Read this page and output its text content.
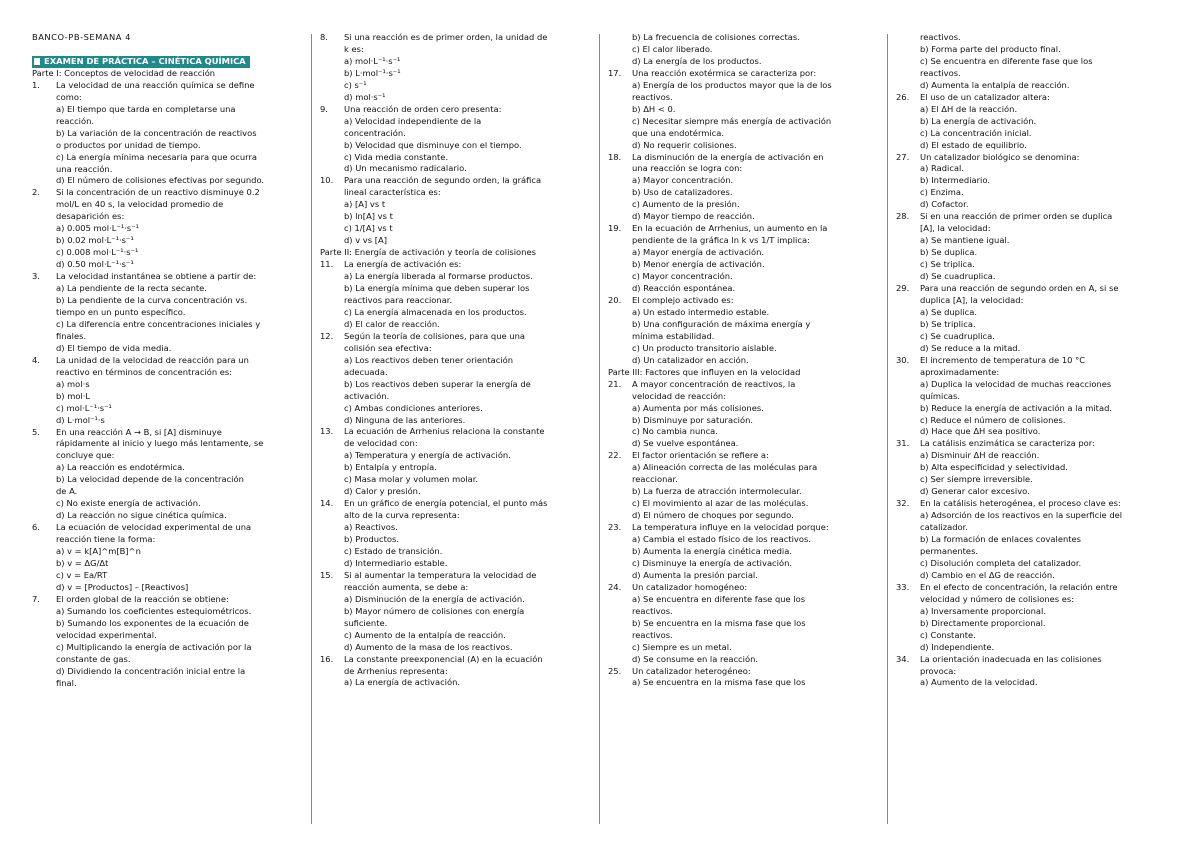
BANCO-PB-SEMANA 4
EXAMEN DE PRÁCTICA – CINÉTICA QUÍMICA
Parte I: Conceptos de velocidad de reacción
1.	La velocidad de una reacción química se define
como:
a) El tiempo que tarda en completarse una
reacción.
b) La variación de la concentración de reactivos
o productos por unidad de tiempo.
c) La energía mínima necesaria para que ocurra
una reacción.
d) El número de colisiones efectivas por segundo.
2.	Si la concentración de un reactivo disminuye 0.2
mol/L en 40 s, la velocidad promedio de
desaparición es:
a) 0.005 mol·L⁻¹·s⁻¹
b) 0.02 mol·L⁻¹·s⁻¹
c) 0.008 mol·L⁻¹·s⁻¹
d) 0.50 mol·L⁻¹·s⁻¹
3.	La velocidad instantánea se obtiene a partir de:
a) La pendiente de la recta secante.
b) La pendiente de la curva concentración vs.
tiempo en un punto específico.
c) La diferencia entre concentraciones iniciales y
finales.
d) El tiempo de vida media.
4.	La unidad de la velocidad de reacción para un
reactivo en términos de concentración es:
a) mol·s
b) mol·L
c) mol·L⁻¹·s⁻¹
d) L·mol⁻¹·s
5.	En una reacción A → B, si [A] disminuye
rápidamente al inicio y luego más lentamente, se
concluye que:
a) La reacción es endotérmica.
b) La velocidad depende de la concentración
de A.
c) No existe energía de activación.
d) La reacción no sigue cinética química.
6.	La ecuación de velocidad experimental de una
reacción tiene la forma:
a) v = k[A]^m[B]^n
b) v = ΔG/Δt
c) v = Ea/RT
d) v = [Productos] – [Reactivos]
7.	El orden global de la reacción se obtiene:
a) Sumando los coeficientes estequiométricos.
b) Sumando los exponentes de la ecuación de
velocidad experimental.
c) Multiplicando la energía de activación por la
constante de gas.
d) Dividiendo la concentración inicial entre la
final.
8.	Si una reacción es de primer orden, la unidad de
k es:
a) mol·L⁻¹·s⁻¹
b) L·mol⁻¹·s⁻¹
c) s⁻¹
d) mol·s⁻¹
9.	Una reacción de orden cero presenta:
a) Velocidad independiente de la
concentración.
b) Velocidad que disminuye con el tiempo.
c) Vida media constante.
d) Un mecanismo radicalario.
10.	Para una reacción de segundo orden, la gráfica
lineal característica es:
a) [A] vs t
b) ln[A] vs t
c) 1/[A] vs t
d) v vs [A]
Parte II: Energía de activación y teoría de colisiones
11.	La energía de activación es:
a) La energía liberada al formarse productos.
b) La energía mínima que deben superar los
reactivos para reaccionar.
c) La energía almacenada en los productos.
d) El calor de reacción.
12.	Según la teoría de colisiones, para que una
colisión sea efectiva:
a) Los reactivos deben tener orientación
adecuada.
b) Los reactivos deben superar la energía de
activación.
c) Ambas condiciones anteriores.
d) Ninguna de las anteriores.
13.	La ecuación de Arrhenius relaciona la constante
de velocidad con:
a) Temperatura y energía de activación.
b) Entalpía y entropía.
c) Masa molar y volumen molar.
d) Calor y presión.
14.	En un gráfico de energía potencial, el punto más
alto de la curva representa:
a) Reactivos.
b) Productos.
c) Estado de transición.
d) Intermediario estable.
15.	Si al aumentar la temperatura la velocidad de
reacción aumenta, se debe a:
a) Disminución de la energía de activación.
b) Mayor número de colisiones con energía
suficiente.
c) Aumento de la entalpía de reacción.
d) Aumento de la masa de los reactivos.
16.	La constante preexponencial (A) en la ecuación
de Arrhenius representa:
a) La energía de activación.
b) La frecuencia de colisiones correctas.
c) El calor liberado.
d) La energía de los productos.
17.	Una reacción exotérmica se caracteriza por:
a) Energía de los productos mayor que la de los
reactivos.
b) ΔH < 0.
c) Necesitar siempre más energía de activación
que una endotérmica.
d) No requerir colisiones.
18.	La disminución de la energía de activación en
una reacción se logra con:
a) Mayor concentración.
b) Uso de catalizadores.
c) Aumento de la presión.
d) Mayor tiempo de reacción.
19.	En la ecuación de Arrhenius, un aumento en la
pendiente de la gráfica ln k vs 1/T implica:
a) Mayor energía de activación.
b) Menor energía de activación.
c) Mayor concentración.
d) Reacción espontánea.
20.	El complejo activado es:
a) Un estado intermedio estable.
b) Una configuración de máxima energía y
mínima estabilidad.
c) Un producto transitorio aislable.
d) Un catalizador en acción.
Parte III: Factores que influyen en la velocidad
21.	A mayor concentración de reactivos, la
velocidad de reacción:
a) Aumenta por más colisiones.
b) Disminuye por saturación.
c) No cambia nunca.
d) Se vuelve espontánea.
22.	El factor orientación se refiere a:
a) Alineación correcta de las moléculas para
reaccionar.
b) La fuerza de atracción intermolecular.
c) El movimiento al azar de las moléculas.
d) El número de choques por segundo.
23.	La temperatura influye en la velocidad porque:
a) Cambia el estado físico de los reactivos.
b) Aumenta la energía cinética media.
c) Disminuye la energía de activación.
d) Aumenta la presión parcial.
24.	Un catalizador homogéneo:
a) Se encuentra en diferente fase que los
reactivos.
b) Se encuentra en la misma fase que los
reactivos.
c) Siempre es un metal.
d) Se consume en la reacción.
25.	Un catalizador heterogéneo:
a) Se encuentra en la misma fase que los
reactivos.
b) Forma parte del producto final.
c) Se encuentra en diferente fase que los
reactivos.
d) Aumenta la entalpía de reacción.
26.	El uso de un catalizador altera:
a) El ΔH de la reacción.
b) La energía de activación.
c) La concentración inicial.
d) El estado de equilibrio.
27.	Un catalizador biológico se denomina:
a) Radical.
b) Intermediario.
c) Enzima.
d) Cofactor.
28.	Si en una reacción de primer orden se duplica
[A], la velocidad:
a) Se mantiene igual.
b) Se duplica.
c) Se triplica.
d) Se cuadruplica.
29.	Para una reacción de segundo orden en A, si se
duplica [A], la velocidad:
a) Se duplica.
b) Se triplica.
c) Se cuadruplica.
d) Se reduce a la mitad.
30.	El incremento de temperatura de 10 °C
aproximadamente:
a) Duplica la velocidad de muchas reacciones
químicas.
b) Reduce la energía de activación a la mitad.
c) Reduce el número de colisiones.
d) Hace que ΔH sea positivo.
31.	La catálisis enzimática se caracteriza por:
a) Disminuir ΔH de reacción.
b) Alta especificidad y selectividad.
c) Ser siempre irreversible.
d) Generar calor excesivo.
32.	En la catálisis heterogénea, el proceso clave es:
a) Adsorción de los reactivos en la superficie del
catalizador.
b) La formación de enlaces covalentes
permanentes.
c) Disolución completa del catalizador.
d) Cambio en el ΔG de reacción.
33.	En el efecto de concentración, la relación entre
velocidad y número de colisiones es:
a) Inversamente proporcional.
b) Directamente proporcional.
c) Constante.
d) Independiente.
34.	La orientación inadecuada en las colisiones
provoca:
a) Aumento de la velocidad.
